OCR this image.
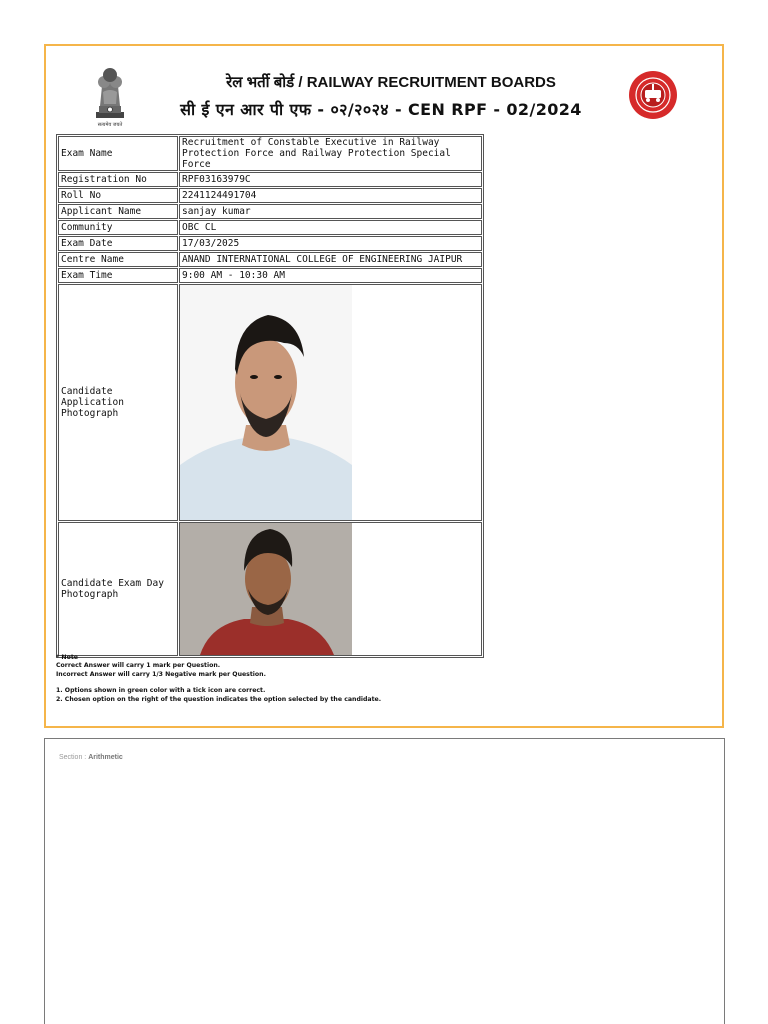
सत्यमेव जयते
रेल भर्ती बोर्ड / RAILWAY RECRUITMENT BOARDS
सी ई एन आर पी एफ - ०२/२०२४ - CEN RPF - 02/2024
Exam Name	Recruitment of Constable Executive in Railway Protection Force and Railway Protection Special Force
Registration No	RPF03163979C
Roll No	2241124491704
Applicant Name	sanjay kumar
Community	OBC CL
Exam Date	17/03/2025
Centre Name	ANAND INTERNATIONAL COLLEGE OF ENGINEERING JAIPUR
Exam Time	9:00 AM - 10:30 AM
Candidate Application Photograph	

Candidate Exam Day Photograph	
* Note
Correct Answer will carry 1 mark per Question.
Incorrect Answer will carry 1/3 Negative mark per Question.
1. Options shown in green color with a tick icon are correct.
2. Chosen option on the right of the question indicates the option selected by the candidate.
Section : Arithmetic
